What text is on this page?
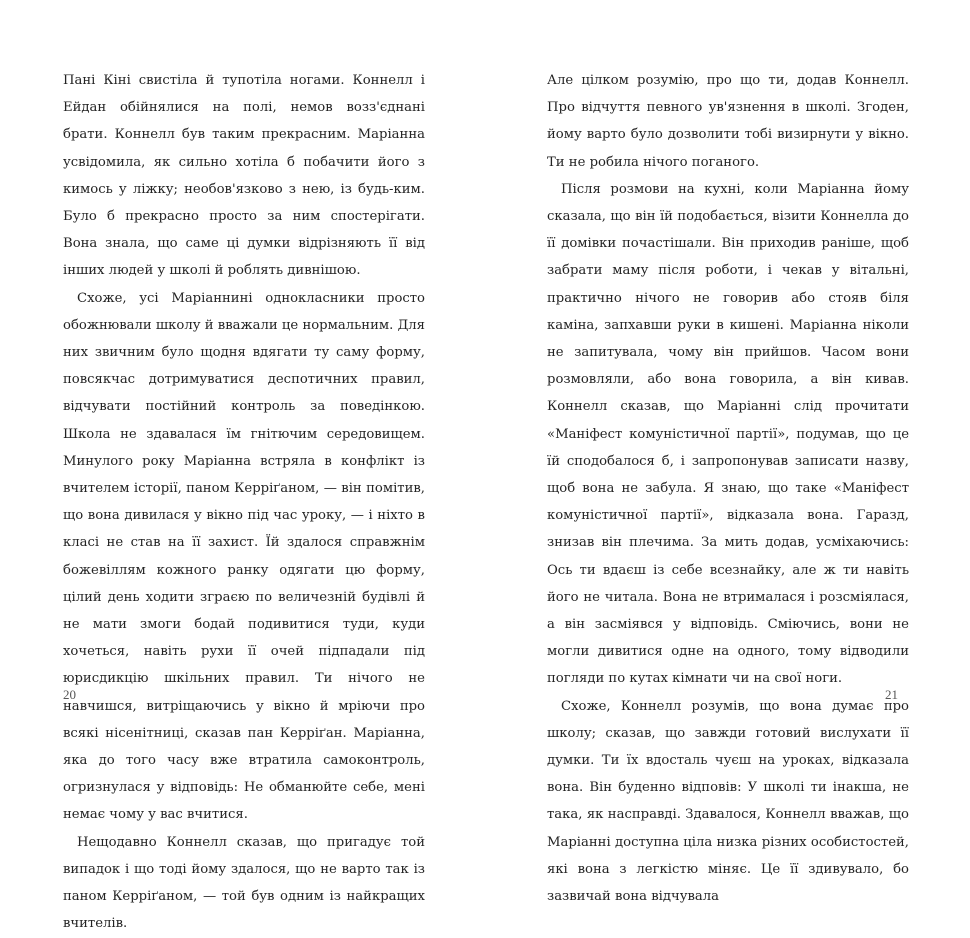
Пані Кіні свистіла й тупотіла ногами. Коннелл і Ейдан обійнялися на полі, немов возз'єднані брати. Коннелл був таким прекрасним. Маріанна усвідомила, як сильно хотіла б побачити його з кимось у ліжку; необов'язково з нею, із будь-ким. Було б прекрасно просто за ним спостерігати. Вона знала, що саме ці думки відрізняють її від інших людей у школі й роблять дивнішою.

Схоже, усі Маріаннині однокласники просто обожнювали школу й вважали це нормальним. Для них звичним було щодня вдягати ту саму форму, повсякчас дотримуватися деспотичних правил, відчувати постійний контроль за поведінкою. Школа не здавалася їм гнітючим середовищем. Минулого року Маріанна встряла в конфлікт із вчителем історії, паном Керріґаном, — він помітив, що вона дивилася у вікно під час уроку, — і ніхто в класі не став на її захист. Їй здалося справжнім божевіллям кожного ранку одягати цю форму, цілий день ходити зграєю по величезній будівлі й не мати змоги бодай подивитися туди, куди хочеться, навіть рухи її очей підпадали під юрисдикцію шкільних правил. Ти нічого не навчишся, витріщаючись у вікно й мріючи про всякі нісенітниці, сказав пан Керріґан. Маріанна, яка до того часу вже втратила самоконтроль, огризнулася у відповідь: Не обманюйте себе, мені немає чому у вас вчитися.

Нещодавно Коннелл сказав, що пригадує той випадок і що тоді йому здалося, що не варто так із паном Керріґаном, — той був одним із найкращих вчителів.

Але цілком розумію, про що ти, додав Коннелл. Про відчуття певного ув'язнення в школі. Згоден, йому варто було дозволити тобі визирнути у вікно. Ти не робила нічого поганого.

Після розмови на кухні, коли Маріанна йому сказала, що він їй подобається, візити Коннелла до її домівки почастішали. Він приходив раніше, щоб забрати маму після роботи, і чекав у вітальні, практично нічого не говорив або стояв біля каміна, запхавши руки в кишені. Маріанна ніколи не запитувала, чому він прийшов. Часом вони розмовляли, або вона говорила, а він кивав. Коннелл сказав, що Маріанні слід прочитати «Маніфест комуністичної партії», подумав, що це їй сподобалося б, і запропонував записати назву, щоб вона не забула. Я знаю, що таке «Маніфест комуністичної партії», відказала вона. Гаразд, знизав він плечима. За мить додав, усміхаючись: Ось ти вдаєш із себе всезнайку, але ж ти навіть його не читала. Вона не втрималася і розсміялася, а він засміявся у відповідь. Сміючись, вони не могли дивитися одне на одного, тому відводили погляди по кутах кімнати чи на свої ноги.

Схоже, Коннелл розумів, що вона думає про школу; сказав, що завжди готовий вислухати її думки. Ти їх вдосталь чуєш на уроках, відказала вона. Він буденно відповів: У школі ти інакша, не така, як насправді. Здавалося, Коннелл вважав, що Маріанні доступна ціла низка різних особистостей, які вона з легкістю міняє. Це її здивувало, бо зазвичай вона відчувала

20	21
